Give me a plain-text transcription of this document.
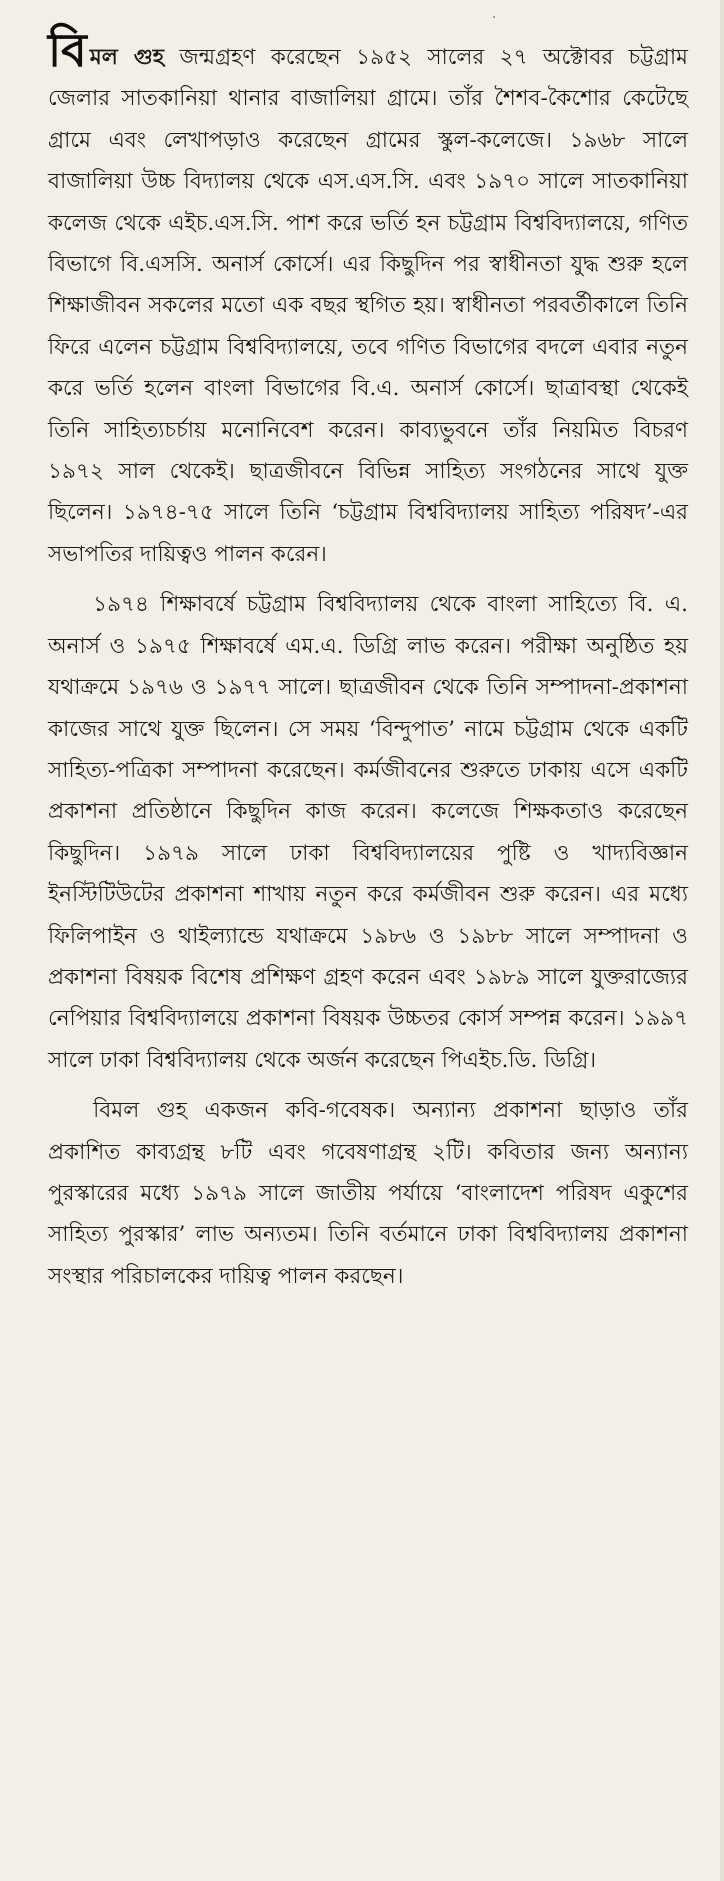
বিমল গুহ জন্মগ্রহণ করেছেন ১৯৫২ সালের ২৭ অক্টোবর চট্টগ্রাম জেলার সাতকানিয়া থানার বাজালিয়া গ্রামে। তাঁর শৈশব-কৈশোর কেটেছে গ্রামে এবং লেখাপড়াও করেছেন গ্রামের স্কুল-কলেজে। ১৯৬৮ সালে বাজালিয়া উচ্চ বিদ্যালয় থেকে এস.এস.সি. এবং ১৯৭০ সালে সাতকানিয়া কলেজ থেকে এইচ.এস.সি. পাশ করে ভর্তি হন চট্টগ্রাম বিশ্ববিদ্যালয়ে, গণিত বিভাগে বি.এসসি. অনার্স কোর্সে। এর কিছুদিন পর স্বাধীনতা যুদ্ধ শুরু হলে শিক্ষাজীবন সকলের মতো এক বছর স্থগিত হয়। স্বাধীনতা পরবর্তীকালে তিনি ফিরে এলেন চট্টগ্রাম বিশ্ববিদ্যালয়ে, তবে গণিত বিভাগের বদলে এবার নতুন করে ভর্তি হলেন বাংলা বিভাগের বি.এ. অনার্স কোর্সে। ছাত্রাবস্থা থেকেই তিনি সাহিত্যচর্চায় মনোনিবেশ করেন। কাব্যভুবনে তাঁর নিয়মিত বিচরণ ১৯৭২ সাল থেকেই। ছাত্রজীবনে বিভিন্ন সাহিত্য সংগঠনের সাথে যুক্ত ছিলেন। ১৯৭৪-৭৫ সালে তিনি ‘চট্টগ্রাম বিশ্ববিদ্যালয় সাহিত্য পরিষদ’-এর সভাপতির দায়িত্বও পালন করেন।

১৯৭৪ শিক্ষাবর্ষে চট্টগ্রাম বিশ্ববিদ্যালয় থেকে বাংলা সাহিত্যে বি. এ. অনার্স ও ১৯৭৫ শিক্ষাবর্ষে এম.এ. ডিগ্রি লাভ করেন। পরীক্ষা অনুষ্ঠিত হয় যথাক্রমে ১৯৭৬ ও ১৯৭৭ সালে। ছাত্রজীবন থেকে তিনি সম্পাদনা-প্রকাশনা কাজের সাথে যুক্ত ছিলেন। সে সময় ‘বিন্দুপাত’ নামে চট্টগ্রাম থেকে একটি সাহিত্য-পত্রিকা সম্পাদনা করেছেন। কর্মজীবনের শুরুতে ঢাকায় এসে একটি প্রকাশনা প্রতিষ্ঠানে কিছুদিন কাজ করেন। কলেজে শিক্ষকতাও করেছেন কিছুদিন। ১৯৭৯ সালে ঢাকা বিশ্ববিদ্যালয়ের পুষ্টি ও খাদ্যবিজ্ঞান ইনস্টিটিউটের প্রকাশনা শাখায় নতুন করে কর্মজীবন শুরু করেন। এর মধ্যে ফিলিপাইন ও থাইল্যান্ডে যথাক্রমে ১৯৮৬ ও ১৯৮৮ সালে সম্পাদনা ও প্রকাশনা বিষয়ক বিশেষ প্রশিক্ষণ গ্রহণ করেন এবং ১৯৮৯ সালে যুক্তরাজ্যের নেপিয়ার বিশ্ববিদ্যালয়ে প্রকাশনা বিষয়ক উচ্চতর কোর্স সম্পন্ন করেন। ১৯৯৭ সালে ঢাকা বিশ্ববিদ্যালয় থেকে অর্জন করেছেন পিএইচ.ডি. ডিগ্রি।

বিমল গুহ একজন কবি-গবেষক। অন্যান্য প্রকাশনা ছাড়াও তাঁর প্রকাশিত কাব্যগ্রন্থ ৮টি এবং গবেষণাগ্রন্থ ২টি। কবিতার জন্য অন্যান্য পুরস্কারের মধ্যে ১৯৭৯ সালে জাতীয় পর্যায়ে ‘বাংলাদেশ পরিষদ একুশের সাহিত্য পুরস্কার’ লাভ অন্যতম। তিনি বর্তমানে ঢাকা বিশ্ববিদ্যালয় প্রকাশনা সংস্থার পরিচালকের দায়িত্ব পালন করছেন।
